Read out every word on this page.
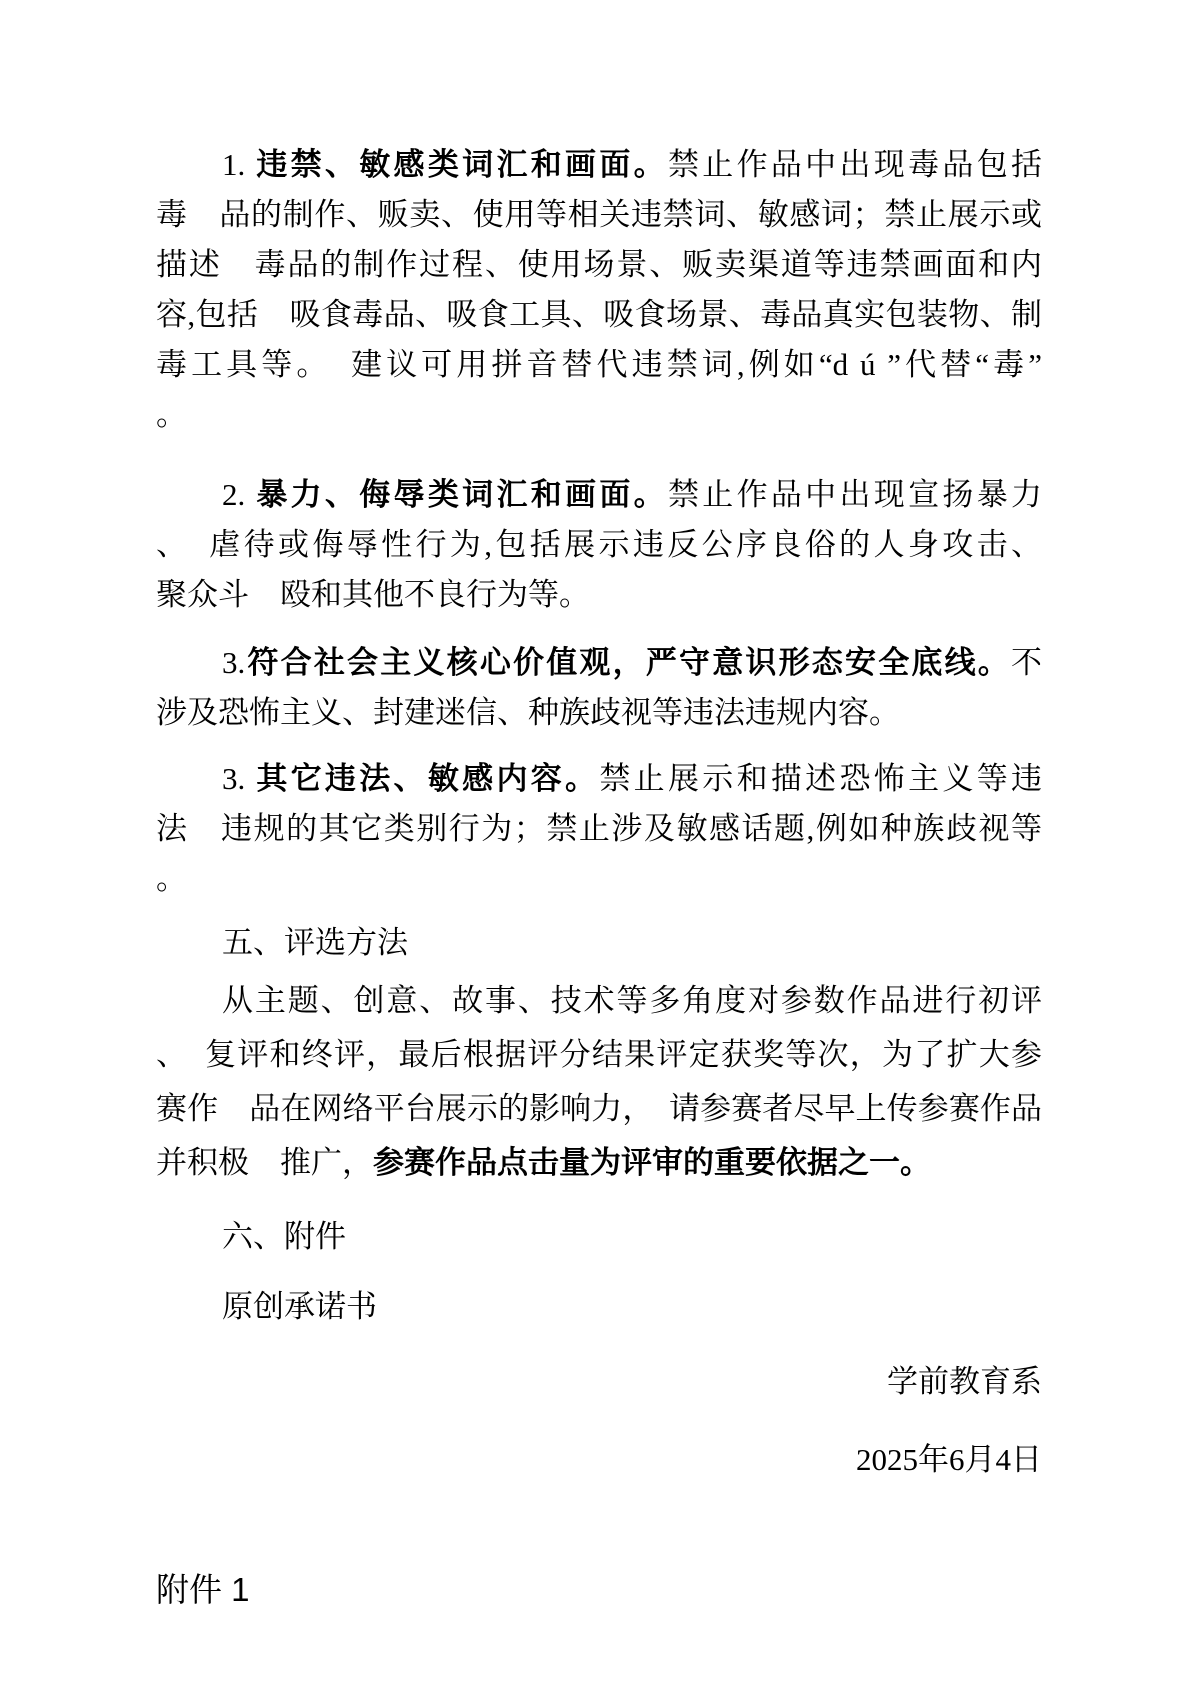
1. 违禁、敏感类词汇和画面。禁止作品中出现毒品包括
毒　品的制作、贩卖、使用等相关违禁词、敏感词；禁止展示或
描述　毒品的制作过程、使用场景、贩卖渠道等违禁画面和内
容,包括　吸食毒品、吸食工具、吸食场景、毒品真实包装物、制
毒工具等。　建议可用拼音替代违禁词,例如“d ú ”代替“毒”
。
2. 暴力、侮辱类词汇和画面。禁止作品中出现宣扬暴力
、　虐待或侮辱性行为,包括展示违反公序良俗的人身攻击、
聚众斗　殴和其他不良行为等。
3.符合社会主义核心价值观，严守意识形态安全底线。不
涉及恐怖主义、封建迷信、种族歧视等违法违规内容。
3. 其它违法、敏感内容。禁止展示和描述恐怖主义等违
法　违规的其它类别行为；禁止涉及敏感话题,例如种族歧视等
。
五、评选方法
从主题、创意、故事、技术等多角度对参数作品进行初评
、　复评和终评，最后根据评分结果评定获奖等次，为了扩大参
赛作　品在网络平台展示的影响力，　请参赛者尽早上传参赛作品
并积极　推广，参赛作品点击量为评审的重要依据之一。
六、附件
原创承诺书
学前教育系
2025年6月4日
附件 1
